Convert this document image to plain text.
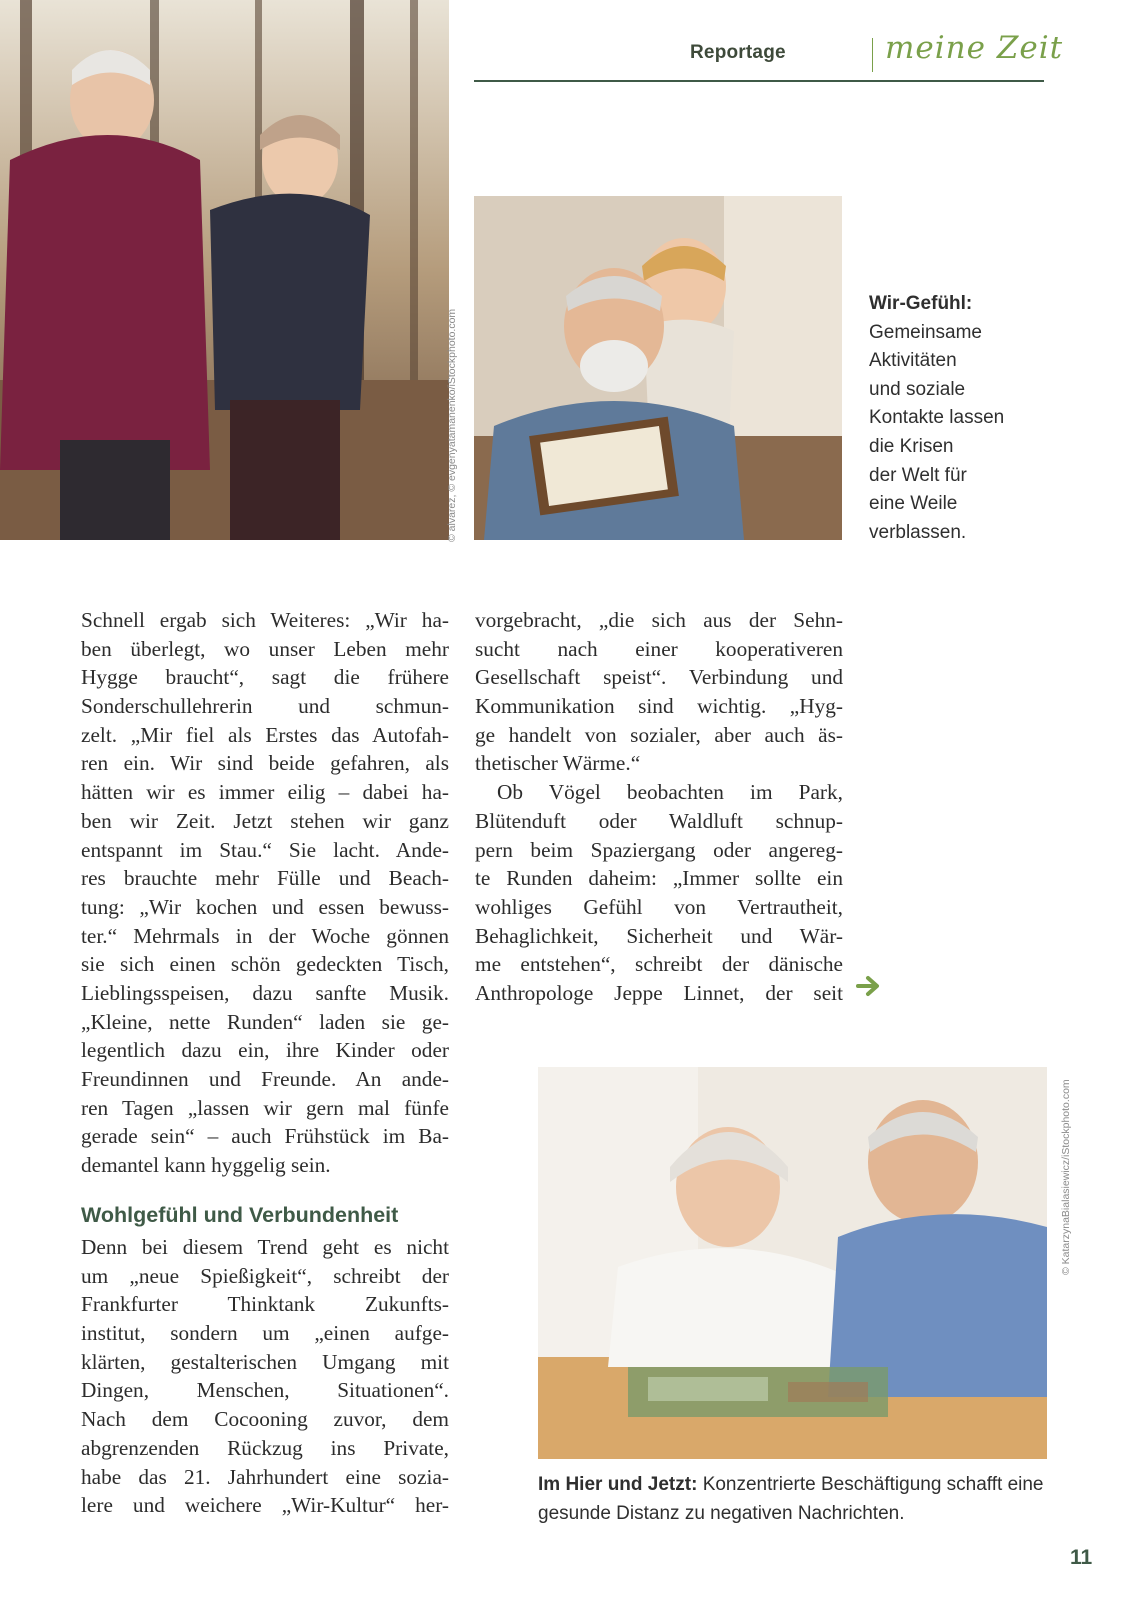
Reportage	meine Zeit
© alvarez, © evgenyatamanenko/iStockphoto.com
Wir-Gefühl:
Gemeinsame
Aktivitäten
und soziale
Kontakte lassen
die Krisen
der Welt für
eine Weile
verblassen.
Schnell ergab sich Weiteres: „Wir ha-
ben überlegt, wo unser Leben mehr
Hygge braucht“, sagt die frühere
Sonderschullehrerin und schmun-
zelt. „Mir fiel als Erstes das Autofah-
ren ein. Wir sind beide gefahren, als
hätten wir es immer eilig – dabei ha-
ben wir Zeit. Jetzt stehen wir ganz
entspannt im Stau.“ Sie lacht. Ande-
res brauchte mehr Fülle und Beach-
tung: „Wir kochen und essen bewuss-
ter.“ Mehrmals in der Woche gönnen
sie sich einen schön gedeckten Tisch,
Lieblingsspeisen, dazu sanfte Musik.
„Kleine, nette Runden“ laden sie ge-
legentlich dazu ein, ihre Kinder oder
Freundinnen und Freunde. An ande-
ren Tagen „lassen wir gern mal fünfe
gerade sein“ – auch Frühstück im Ba-
demantel kann hyggelig sein.
Wohlgefühl und Verbundenheit
Denn bei diesem Trend geht es nicht
um „neue Spießigkeit“, schreibt der
Frankfurter Thinktank Zukunfts-
institut, sondern um „einen aufge-
klärten, gestalterischen Umgang mit
Dingen, Menschen, Situationen“.
Nach dem Cocooning zuvor, dem
abgrenzenden Rückzug ins Private,
habe das 21. Jahrhundert eine sozia-
lere und weichere „Wir-Kultur“ her-
vorgebracht, „die sich aus der Sehn-
sucht nach einer kooperativeren
Gesellschaft speist“. Verbindung und
Kommunikation sind wichtig. „Hyg-
ge handelt von sozialer, aber auch äs-
thetischer Wärme.“
Ob Vögel beobachten im Park,
Blütenduft oder Waldluft schnup-
pern beim Spaziergang oder angereg-
te Runden daheim: „Immer sollte ein
wohliges Gefühl von Vertrautheit,
Behaglichkeit, Sicherheit und Wär-
me entstehen“, schreibt der dänische
Anthropologe Jeppe Linnet, der seit
© KatarzynaBialasiewicz/iStockphoto.com
Im Hier und Jetzt: Konzentrierte Beschäftigung schafft eine gesunde Distanz zu negativen Nachrichten.
11
